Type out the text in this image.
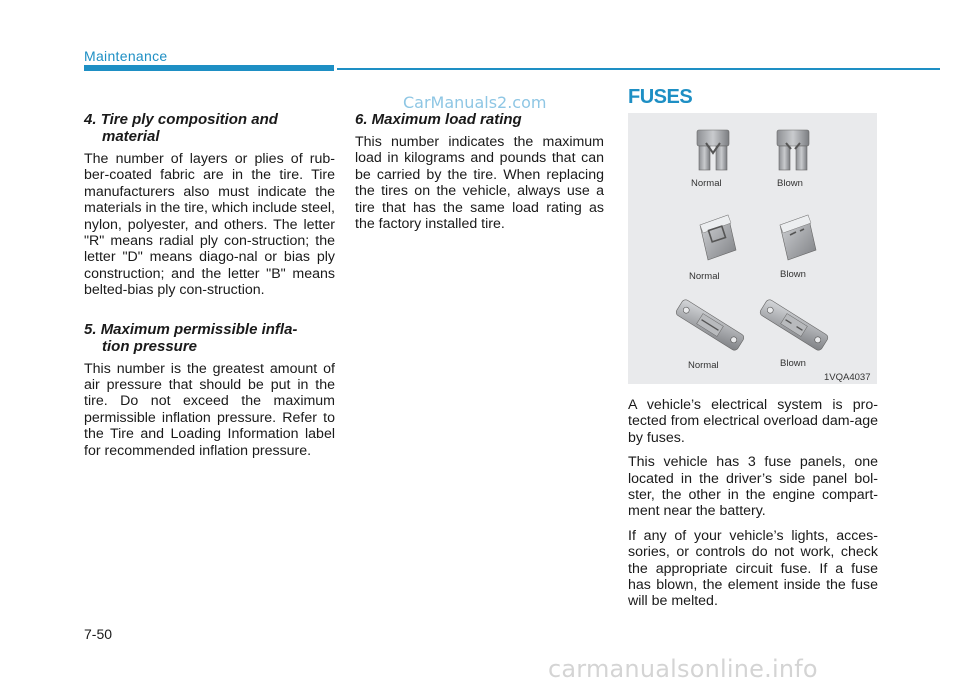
Maintenance
CarManuals2.com
4. Tire ply composition and
material

The number of layers or plies of rub-ber-coated fabric are in the tire. Tire manufacturers also must indicate the materials in the tire, which include steel, nylon, polyester, and others. The letter "R" means radial ply con-struction; the letter "D" means diago-nal or bias ply construction; and the letter "B" means belted-bias ply con-struction.

5. Maximum permissible infla-
tion pressure

This number is the greatest amount of air pressure that should be put in the tire. Do not exceed the maximum permissible inflation pressure. Refer to the Tire and Loading Information label for recommended inflation pressure.

6. Maximum load rating

This number indicates the maximum load in kilograms and pounds that can be carried by the tire. When replacing the tires on the vehicle, always use a tire that has the same load rating as the factory installed tire.

FUSES
Normal	Blown
Normal	Blown
Normal	Blown
1VQA4037

A vehicle’s electrical system is pro-tected from electrical overload dam-age by fuses.

This vehicle has 3 fuse panels, one located in the driver’s side panel bol-ster, the other in the engine compart-ment near the battery.

If any of your vehicle’s lights, acces-sories, or controls do not work, check the appropriate circuit fuse. If a fuse has blown, the element inside the fuse will be melted.

7-50
carmanualsonline.info
